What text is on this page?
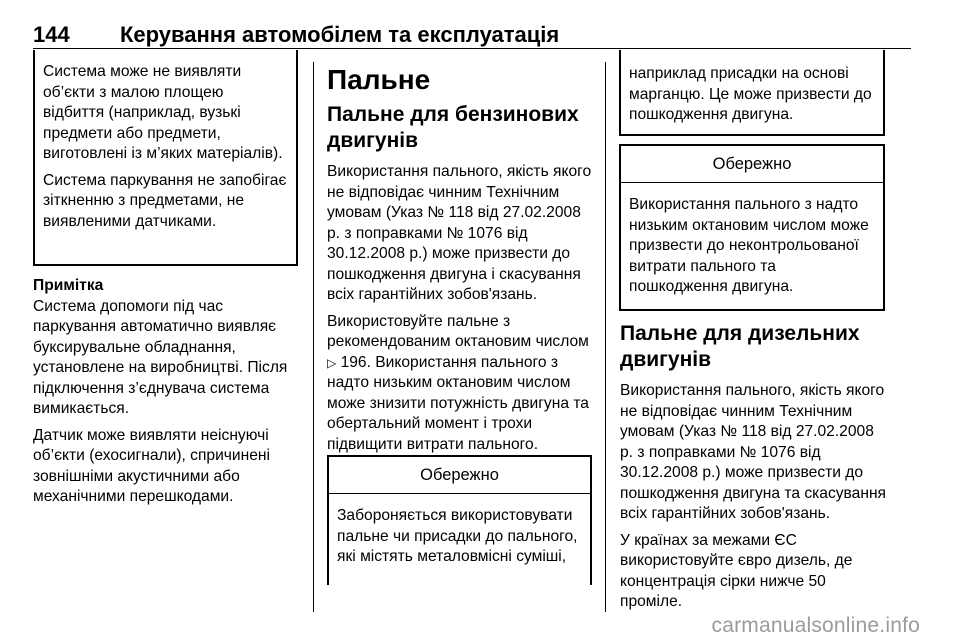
144 Керування автомобілем та експлуатація

Система може не виявляти об’єкти з малою площею відбиття (наприклад, вузькі предмети або предмети, виготовлені із м’яких матеріалів).

Система паркування не запобігає зіткненню з предметами, не виявленими датчиками.

Примітка

Система допомоги під час паркування автоматично виявляє буксирувальне обладнання, установлене на виробництві. Після підключення з’єднувача система вимикається.

Датчик може виявляти неіснуючі об’єкти (ехосигнали), спричинені зовнішніми акустичними або механічними перешкодами.

Пальне
Пальне для бензинових двигунів

Використання пального, якість якого не відповідає чинним Технічним умовам (Указ № 118 від 27.02.2008 р. з поправками № 1076 від 30.12.2008 р.) може призвести до пошкодження двигуна і скасування всіх гарантійних зобов'язань.

Використовуйте пальне з рекомендованим октановим числом ▷ 196. Використання пального з надто низьким октановим числом може знизити потужність двигуна та обертальний момент і трохи підвищити витрати пального.

Обережно

Забороняється використовувати пальне чи присадки до пального, які містять металовмісні суміші,

наприклад присадки на основі марганцю. Це може призвести до пошкодження двигуна.

Обережно

Використання пального з надто низьким октановим числом може призвести до неконтрольованої витрати пального та пошкодження двигуна.

Пальне для дизельних двигунів

Використання пального, якість якого не відповідає чинним Технічним умовам (Указ № 118 від 27.02.2008 р. з поправками № 1076 від 30.12.2008 р.) може призвести до пошкодження двигуна та скасування всіх гарантійних зобов'язань.

У країнах за межами ЄС використовуйте євро дизель, де концентрація сірки нижче 50 проміле.

carmanualsonline.info
